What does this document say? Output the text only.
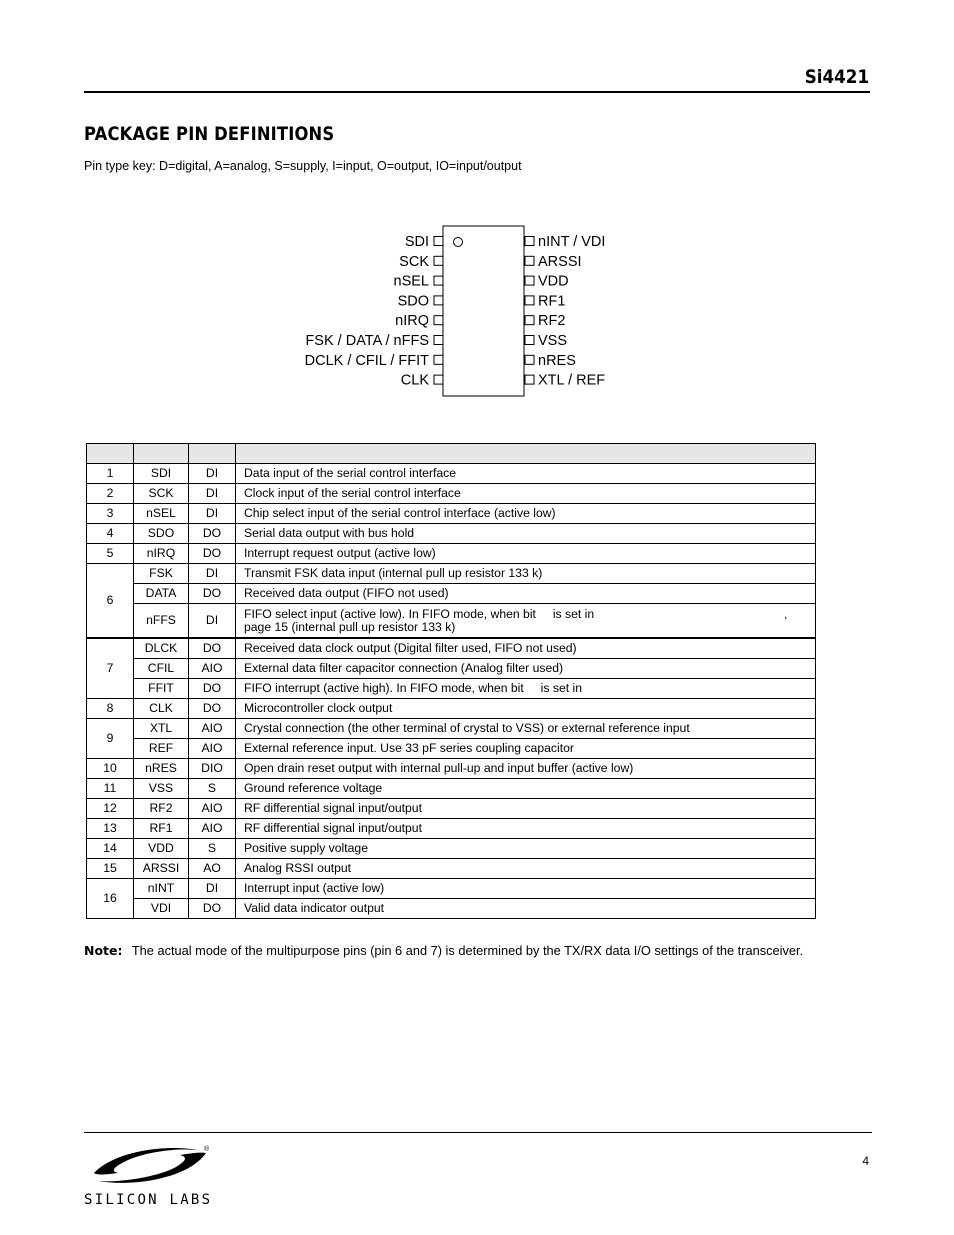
Si4421
PACKAGE PIN DEFINITIONS
Pin type key: D=digital, A=analog, S=supply, I=input, O=output, IO=input/output
SDI
SCK
nSEL
SDO
nIRQ
FSK / DATA / nFFS
DCLK / CFIL / FFIT
CLK
nINT / VDI
ARSSI
VDD
RF1
RF2
VSS
nRES
XTL / REF

1	SDI	DI	Data input of the serial control interface
2	SCK	DI	Clock input of the serial control interface
3	nSEL	DI	Chip select input of the serial control interface (active low)
4	SDO	DO	Serial data output with bus hold
5	nIRQ	DO	Interrupt request output (active low)
6	FSK	DI	Transmit FSK data input (internal pull up resistor 133 k)
	DATA	DO	Received data output (FIFO not used)
	nFFS	DI	FIFO select input (active low). In FIFO mode, when bit     is set in ,
page 15 (internal pull up resistor 133 k)

7	DLCK	DO	Received data clock output (Digital filter used, FIFO not used)
	CFIL	AIO	External data filter capacitor connection (Analog filter used)
	FFIT	DO	FIFO interrupt (active high). In FIFO mode, when bit     is set in
8	CLK	DO	Microcontroller clock output
9	XTL	AIO	Crystal connection (the other terminal of crystal to VSS) or external reference input
	REF	AIO	External reference input. Use 33 pF series coupling capacitor
10	nRES	DIO	Open drain reset output with internal pull-up and input buffer (active low)
11	VSS	S	Ground reference voltage
12	RF2	AIO	RF differential signal input/output
13	RF1	AIO	RF differential signal input/output
14	VDD	S	Positive supply voltage
15	ARSSI	AO	Analog RSSI output
16	nINT	DI	Interrupt input (active low)
	VDI	DO	Valid data indicator output
Note: The actual mode of the multipurpose pins (pin 6 and 7) is determined by the TX/RX data I/O settings of the transceiver.
®
SILICON LABS
4
